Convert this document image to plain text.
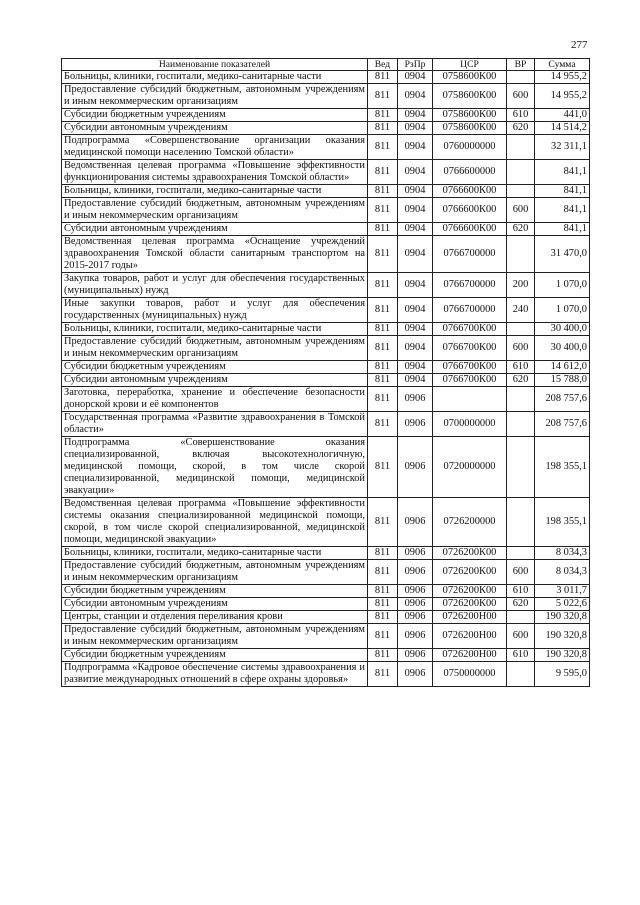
277
Наименование показателей	Вед	РзПр	ЦСР	ВР	Сумма
Больницы, клиники, госпитали, медико-санитарные части	811	0904	0758600К00		14 955,2
Предоставление субсидий бюджетным, автономным учреждениям и иным некоммерческим организациям	811	0904	0758600К00	600	14 955,2
Субсидии бюджетным учреждениям	811	0904	0758600К00	610	441,0
Субсидии автономным учреждениям	811	0904	0758600К00	620	14 514,2
Подпрограмма «Совершенствование организации оказания медицинской помощи населению Томской области»	811	0904	0760000000		32 311,1
Ведомственная целевая программа «Повышение эффективности функционирования системы здравоохранения Томской области»	811	0904	0766600000		841,1
Больницы, клиники, госпитали, медико-санитарные части	811	0904	0766600К00		841,1
Предоставление субсидий бюджетным, автономным учреждениям и иным некоммерческим организациям	811	0904	0766600К00	600	841,1
Субсидии автономным учреждениям	811	0904	0766600К00	620	841,1
Ведомственная целевая программа «Оснащение учреждений здравоохранения Томской области санитарным транспортом на 2015-2017 годы»	811	0904	0766700000		31 470,0
Закупка товаров, работ и услуг для обеспечения государственных (муниципальных) нужд	811	0904	0766700000	200	1 070,0
Иные закупки товаров, работ и услуг для обеспечения государственных (муниципальных) нужд	811	0904	0766700000	240	1 070,0
Больницы, клиники, госпитали, медико-санитарные части	811	0904	0766700К00		30 400,0
Предоставление субсидий бюджетным, автономным учреждениям и иным некоммерческим организациям	811	0904	0766700К00	600	30 400,0
Субсидии бюджетным учреждениям	811	0904	0766700К00	610	14 612,0
Субсидии автономным учреждениям	811	0904	0766700К00	620	15 788,0
Заготовка, переработка, хранение и обеспечение безопасности донорской крови и её компонентов	811	0906			208 757,6
Государственная программа «Развитие здравоохранения в Томской области»	811	0906	0700000000		208 757,6
Подпрограмма «Совершенствование оказания специализированной, включая высокотехнологичную, медицинской помощи, скорой, в том числе скорой специализированной, медицинской помощи, медицинской эвакуации»	811	0906	0720000000		198 355,1
Ведомственная целевая программа «Повышение эффективности системы оказания специализированной медицинской помощи, скорой, в том числе скорой специализированной, медицинской помощи, медицинской эвакуации»	811	0906	0726200000		198 355,1
Больницы, клиники, госпитали, медико-санитарные части	811	0906	0726200К00		8 034,3
Предоставление субсидий бюджетным, автономным учреждениям и иным некоммерческим организациям	811	0906	0726200К00	600	8 034,3
Субсидии бюджетным учреждениям	811	0906	0726200К00	610	3 011,7
Субсидии автономным учреждениям	811	0906	0726200К00	620	5 022,6
Центры, станции и отделения переливания крови	811	0906	0726200Н00		190 320,8
Предоставление субсидий бюджетным, автономным учреждениям и иным некоммерческим организациям	811	0906	0726200Н00	600	190 320,8
Субсидии бюджетным учреждениям	811	0906	0726200Н00	610	190 320,8
Подпрограмма «Кадровое обеспечение системы здравоохранения и развитие международных отношений в сфере охраны здоровья»	811	0906	0750000000		9 595,0
